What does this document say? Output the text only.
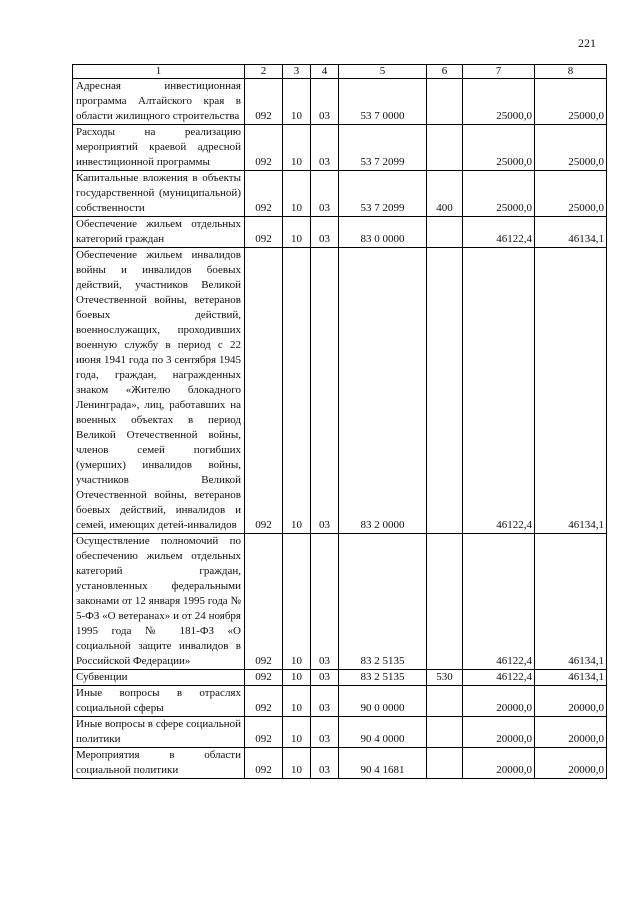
221
1	2	3	4	5	6	7	8
Адресная инвестиционная программа Алтайского края в области жилищного строительства	092	10	03	53 7 0000		25000,0	25000,0
Расходы на реализацию мероприятий краевой адресной инвестиционной программы	092	10	03	53 7 2099		25000,0	25000,0
Капитальные вложения в объекты государственной (муниципальной) собственности	092	10	03	53 7 2099	400	25000,0	25000,0
Обеспечение жильем отдельных категорий граждан	092	10	03	83 0 0000		46122,4	46134,1
Обеспечение жильем инвалидов войны и инвалидов боевых действий, участников Великой Отечественной войны, ветеранов боевых действий, военнослужащих, проходивших военную службу в период с 22 июня 1941 года по 3 сентября 1945 года, граждан, награжденных знаком «Жителю блокадного Ленинграда», лиц, работавших на военных объектах в период Великой Отечественной войны, членов семей погибших (умерших) инвалидов войны, участников Великой Отечественной войны, ветеранов боевых действий, инвалидов и семей, имеющих детей-инвалидов	092	10	03	83 2 0000		46122,4	46134,1
Осуществление полномочий по обеспечению жильем отдельных категорий граждан, установленных федеральными законами от 12 января 1995 года № 5-ФЗ «О ветеранах» и от 24 ноября 1995 года № 181-ФЗ «О социальной защите инвалидов в Российской Федерации»	092	10	03	83 2 5135		46122,4	46134,1
Субвенции	092	10	03	83 2 5135	530	46122,4	46134,1
Иные вопросы в отраслях социальной сферы	092	10	03	90 0 0000		20000,0	20000,0
Иные вопросы в сфере социальной политики	092	10	03	90 4 0000		20000,0	20000,0
Мероприятия в области социальной политики	092	10	03	90 4 1681		20000,0	20000,0
